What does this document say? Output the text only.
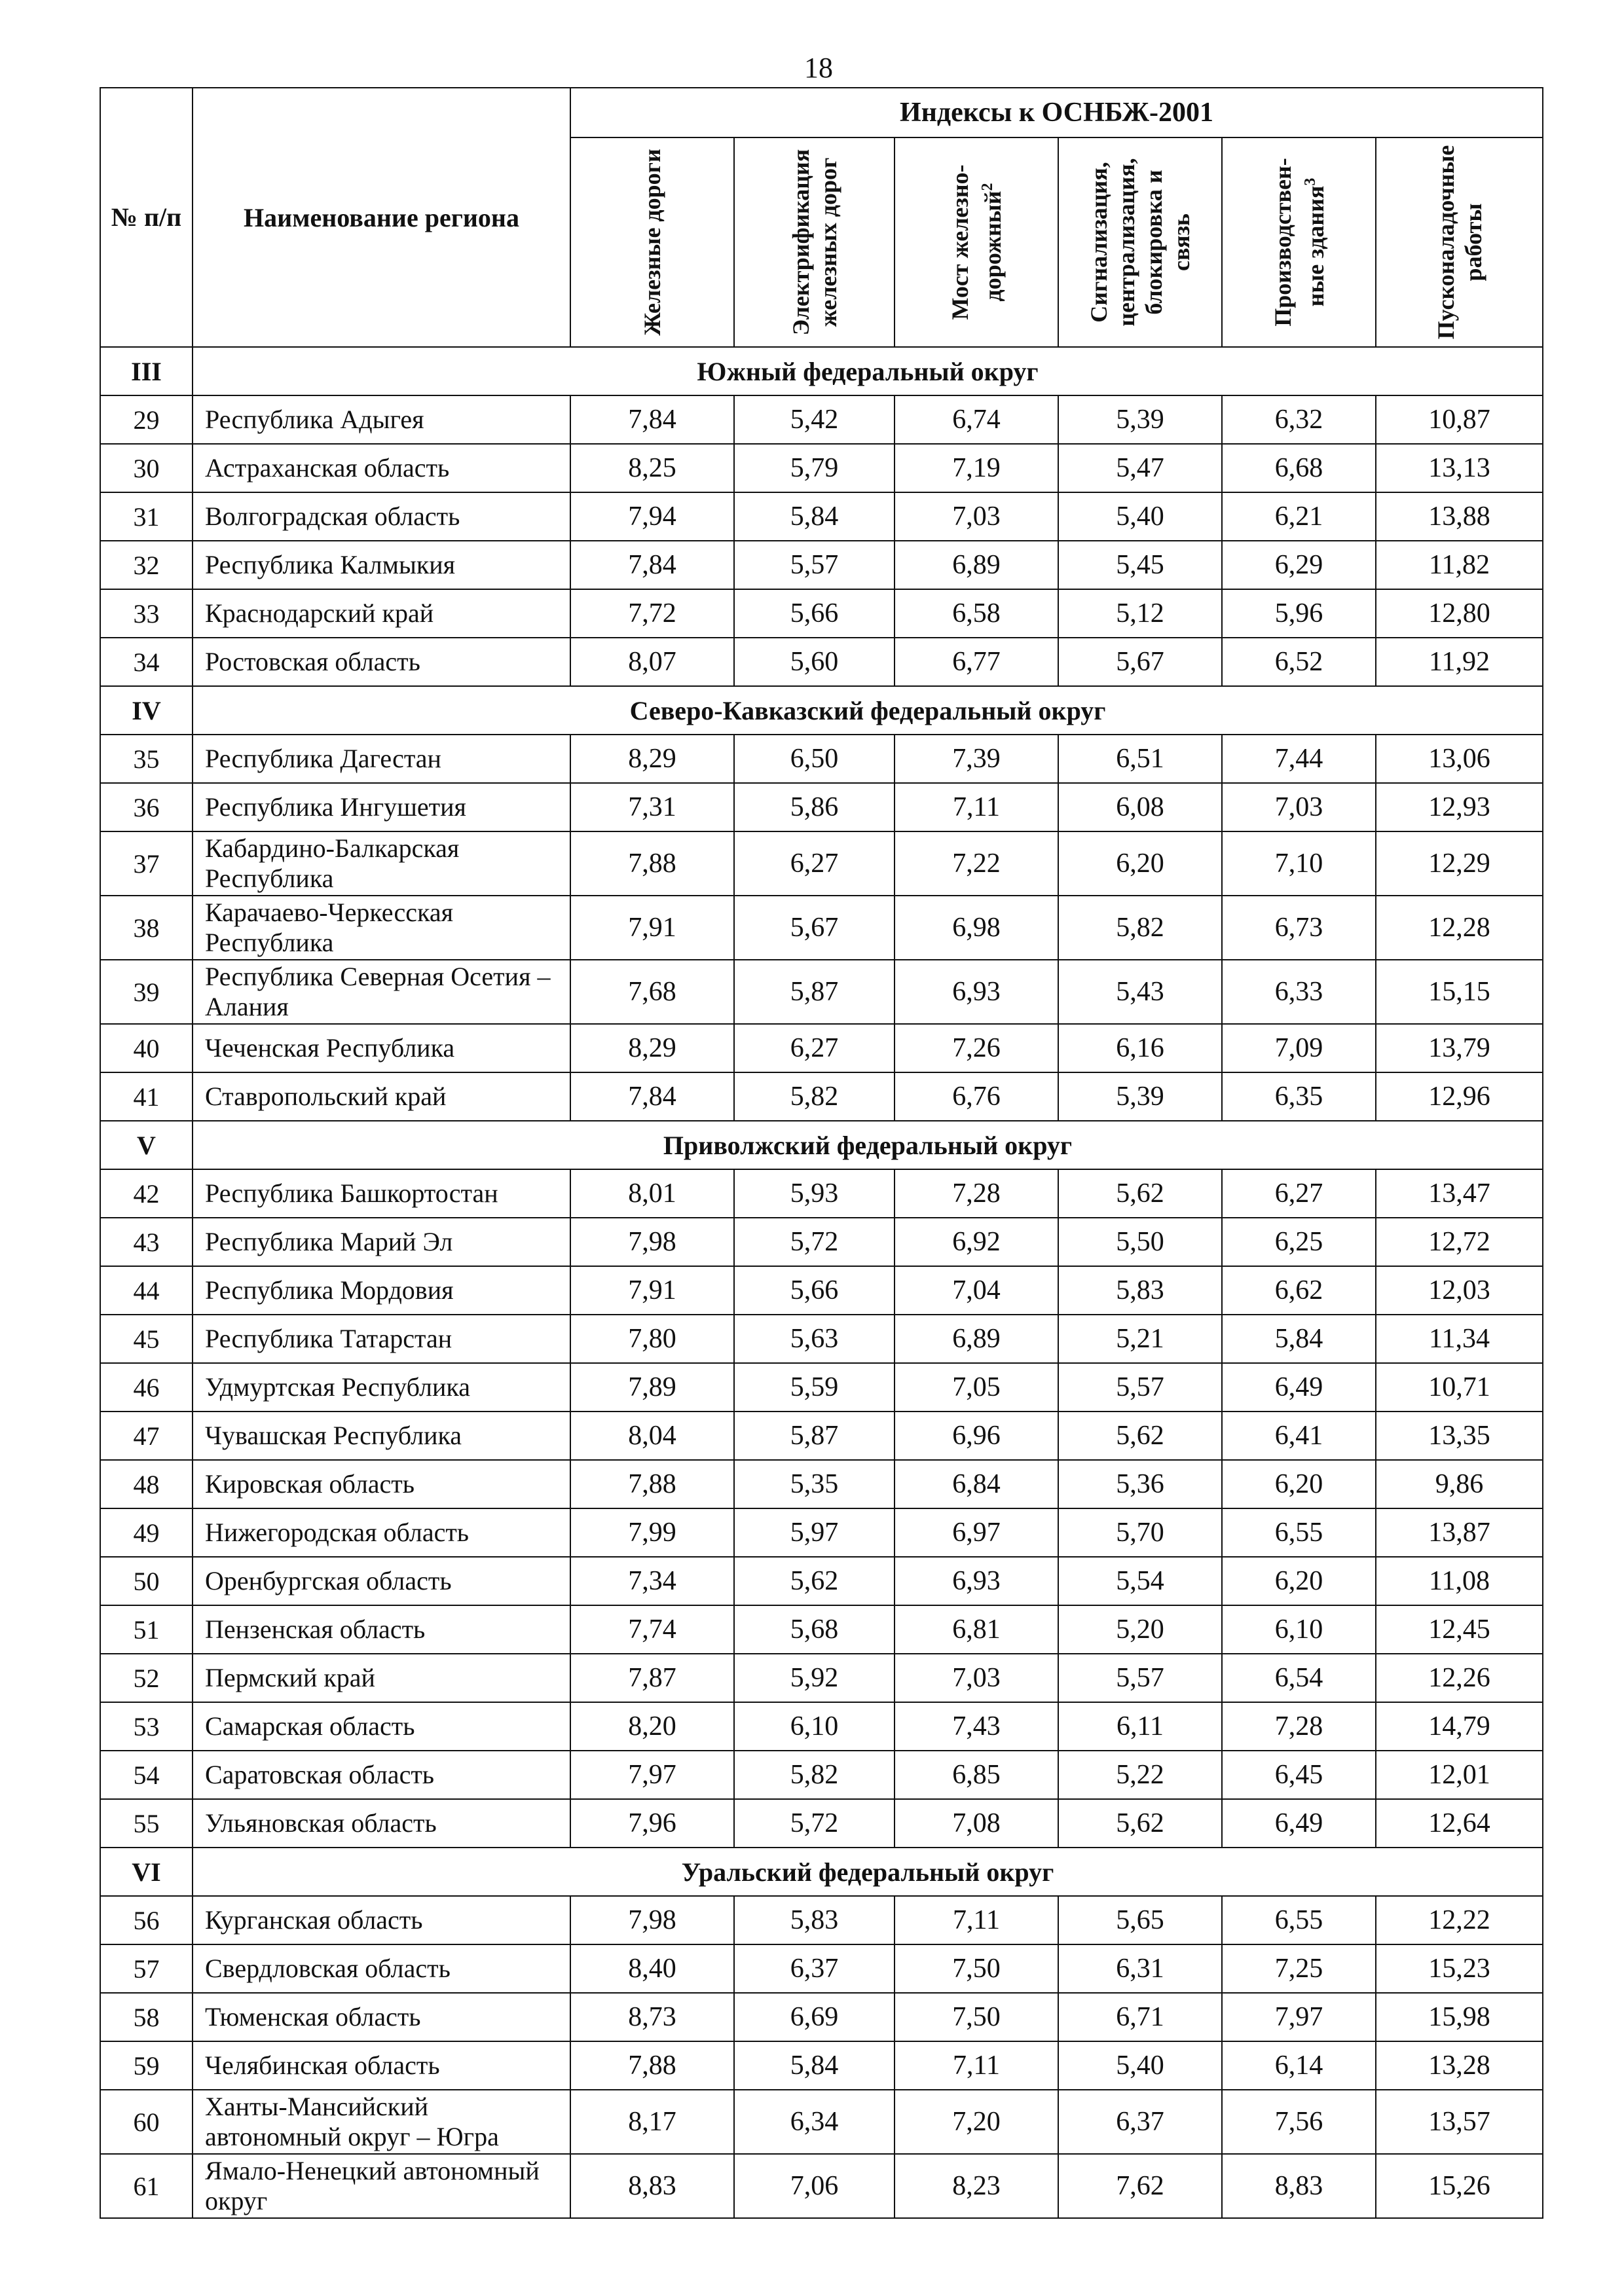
18
№ п/п	Наименование региона	Индексы к ОСНБЖ-2001					

		Железные дороги	Электрификация железных дорог	Мост железно-дорожный$^2$	Сигнализация, централизация, блокировка и связь	Производствен-ные здания$^3$	Пусконаладочные работы

III	Южный федеральный округ						
29	Республика Адыгея	7,84	5,42	6,74	5,39	6,32	10,87
30	Астраханская область	8,25	5,79	7,19	5,47	6,68	13,13
31	Волгоградская область	7,94	5,84	7,03	5,40	6,21	13,88
32	Республика Калмыкия	7,84	5,57	6,89	5,45	6,29	11,82
33	Краснодарский край	7,72	5,66	6,58	5,12	5,96	12,80
34	Ростовская область	8,07	5,60	6,77	5,67	6,52	11,92
IV	Северо-Кавказский федеральный округ						
35	Республика Дагестан	8,29	6,50	7,39	6,51	7,44	13,06
36	Республика Ингушетия	7,31	5,86	7,11	6,08	7,03	12,93
37	Кабардино-Балкарская Республика	7,88	6,27	7,22	6,20	7,10	12,29
38	Карачаево-Черкесская Республика	7,91	5,67	6,98	5,82	6,73	12,28
39	Республика Северная Осетия – Алания	7,68	5,87	6,93	5,43	6,33	15,15
40	Чеченская Республика	8,29	6,27	7,26	6,16	7,09	13,79
41	Ставропольский край	7,84	5,82	6,76	5,39	6,35	12,96
V	Приволжский федеральный округ						
42	Республика Башкортостан	8,01	5,93	7,28	5,62	6,27	13,47
43	Республика Марий Эл	7,98	5,72	6,92	5,50	6,25	12,72
44	Республика Мордовия	7,91	5,66	7,04	5,83	6,62	12,03
45	Республика Татарстан	7,80	5,63	6,89	5,21	5,84	11,34
46	Удмуртская Республика	7,89	5,59	7,05	5,57	6,49	10,71
47	Чувашская Республика	8,04	5,87	6,96	5,62	6,41	13,35
48	Кировская область	7,88	5,35	6,84	5,36	6,20	9,86
49	Нижегородская область	7,99	5,97	6,97	5,70	6,55	13,87
50	Оренбургская область	7,34	5,62	6,93	5,54	6,20	11,08
51	Пензенская область	7,74	5,68	6,81	5,20	6,10	12,45
52	Пермский край	7,87	5,92	7,03	5,57	6,54	12,26
53	Самарская область	8,20	6,10	7,43	6,11	7,28	14,79
54	Саратовская область	7,97	5,82	6,85	5,22	6,45	12,01
55	Ульяновская область	7,96	5,72	7,08	5,62	6,49	12,64
VI	Уральский федеральный округ						
56	Курганская область	7,98	5,83	7,11	5,65	6,55	12,22
57	Свердловская область	8,40	6,37	7,50	6,31	7,25	15,23
58	Тюменская область	8,73	6,69	7,50	6,71	7,97	15,98
59	Челябинская область	7,88	5,84	7,11	5,40	6,14	13,28
60	Ханты-Мансийский автономный округ – Югра	8,17	6,34	7,20	6,37	7,56	13,57
61	Ямало-Ненецкий автономный округ	8,83	7,06	8,23	7,62	8,83	15,26
